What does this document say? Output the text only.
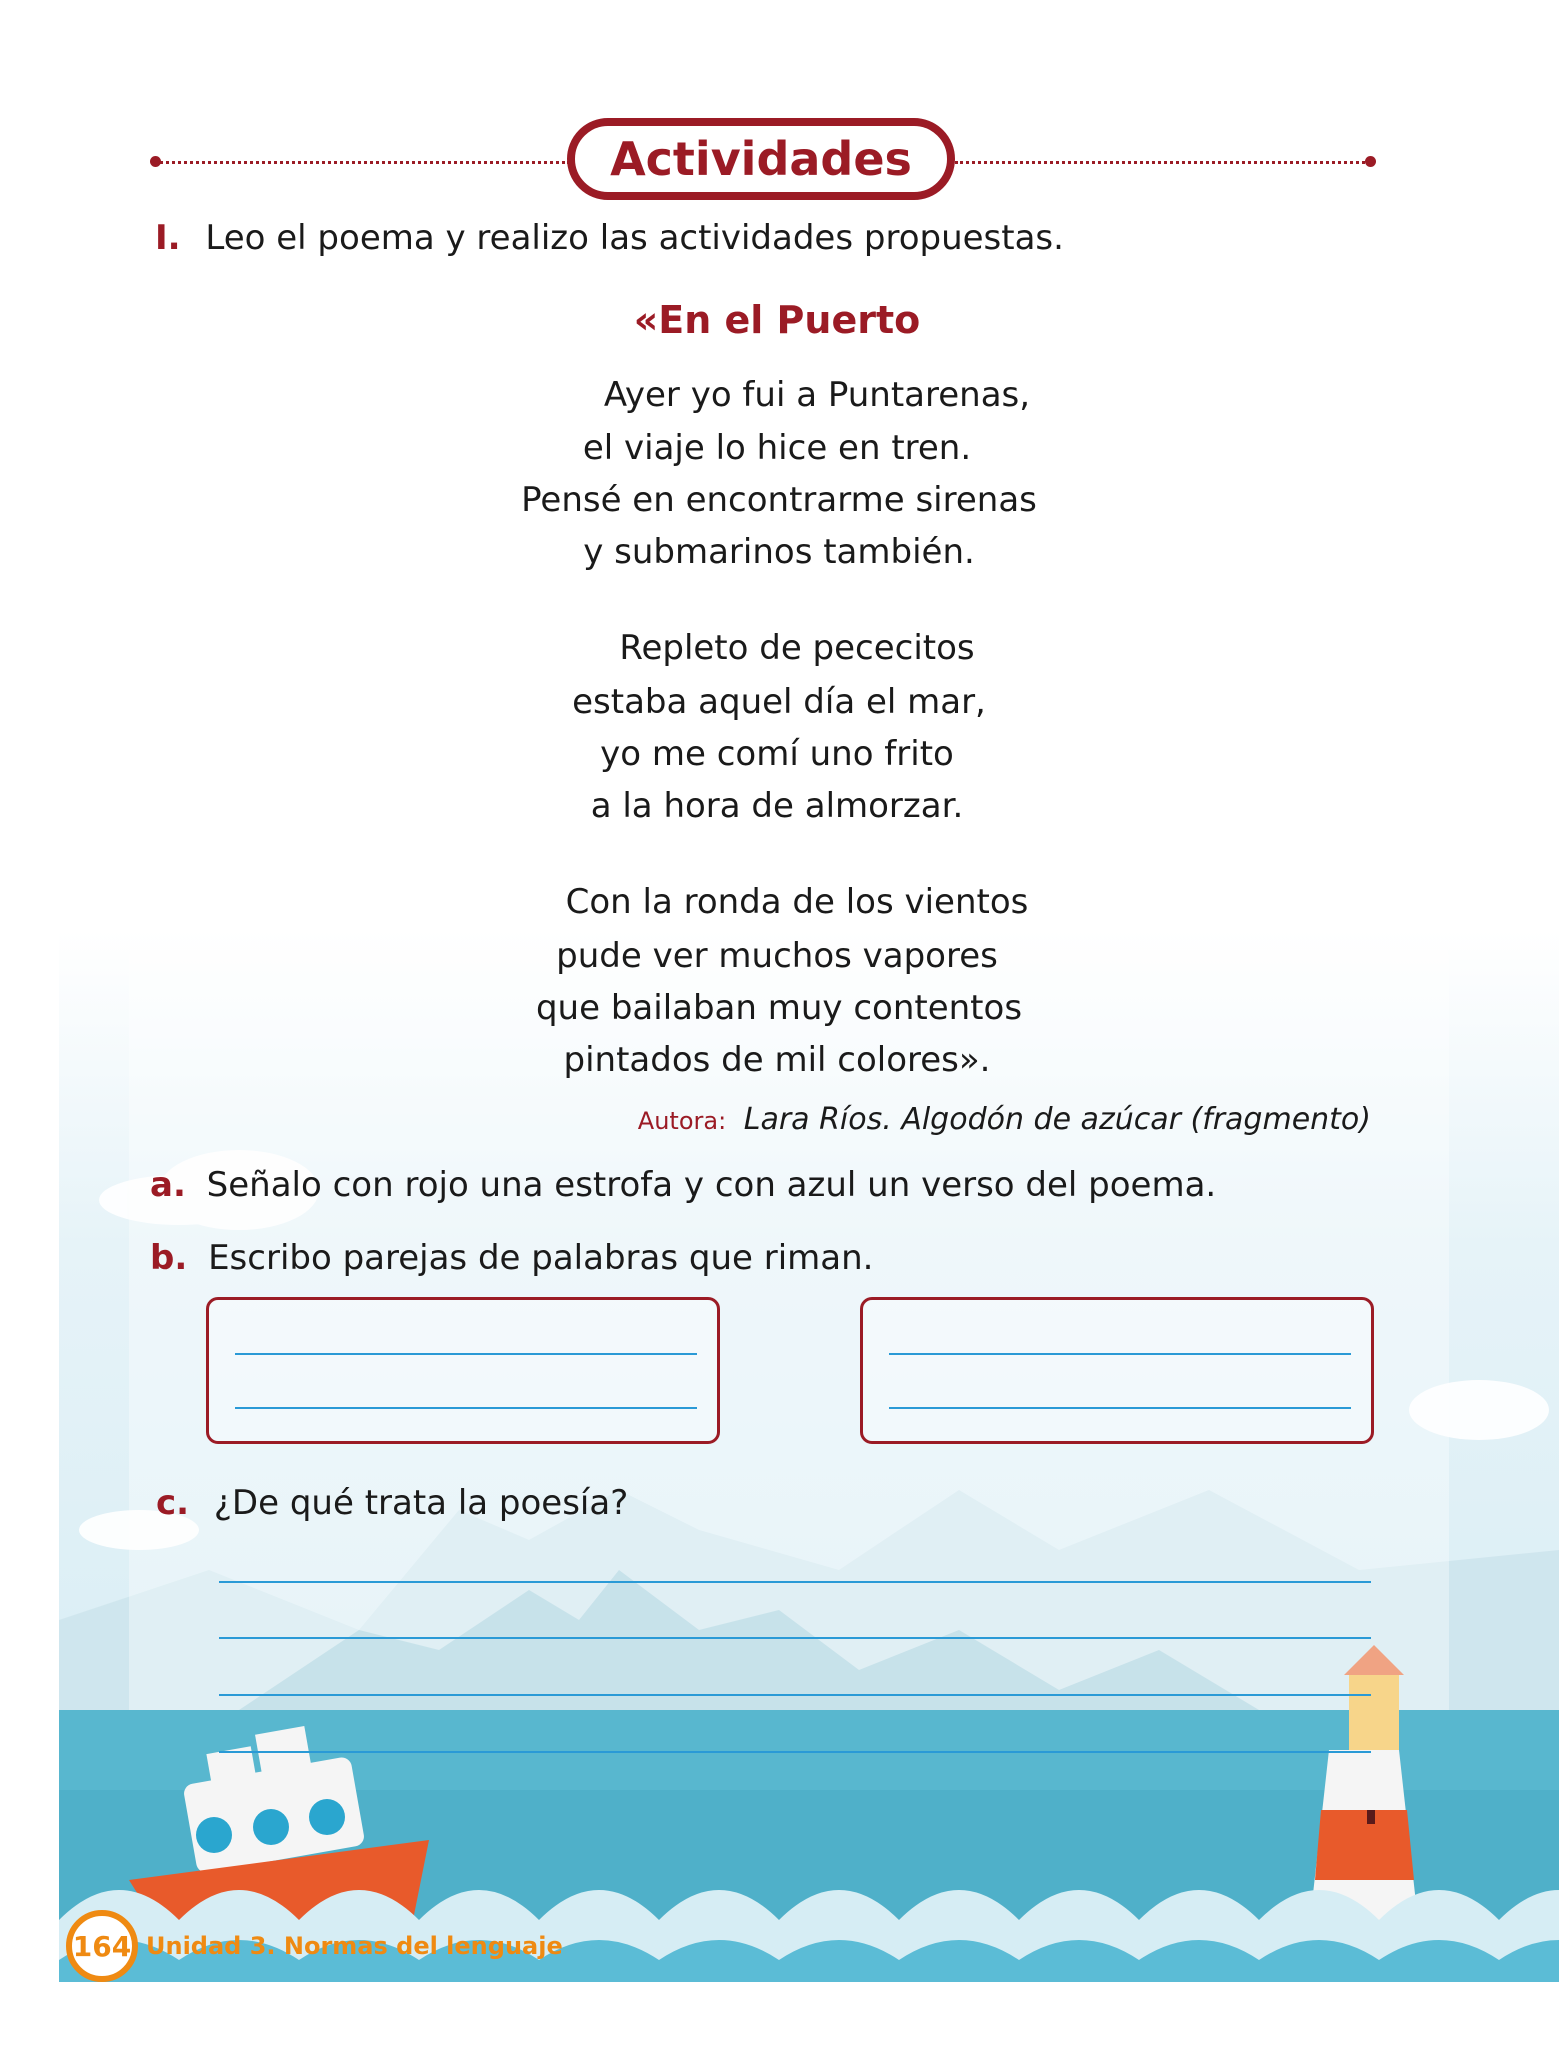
Actividades
I. Leo el poema y realizo las actividades propuestas.
«En el Puerto
Ayer yo fui a Puntarenas,
el viaje lo hice en tren.
Pensé en encontrarme sirenas
y submarinos también.
Repleto de pececitos
estaba aquel día el mar,
yo me comí uno frito
a la hora de almorzar.
Con la ronda de los vientos
pude ver muchos vapores
que bailaban muy contentos
pintados de mil colores».
Autora: Lara Ríos. Algodón de azúcar (fragmento)
a. Señalo con rojo una estrofa y con azul un verso del poema.
b. Escribo parejas de palabras que riman.
c. ¿De qué trata la poesía?
164 Unidad 3. Normas del lenguaje
